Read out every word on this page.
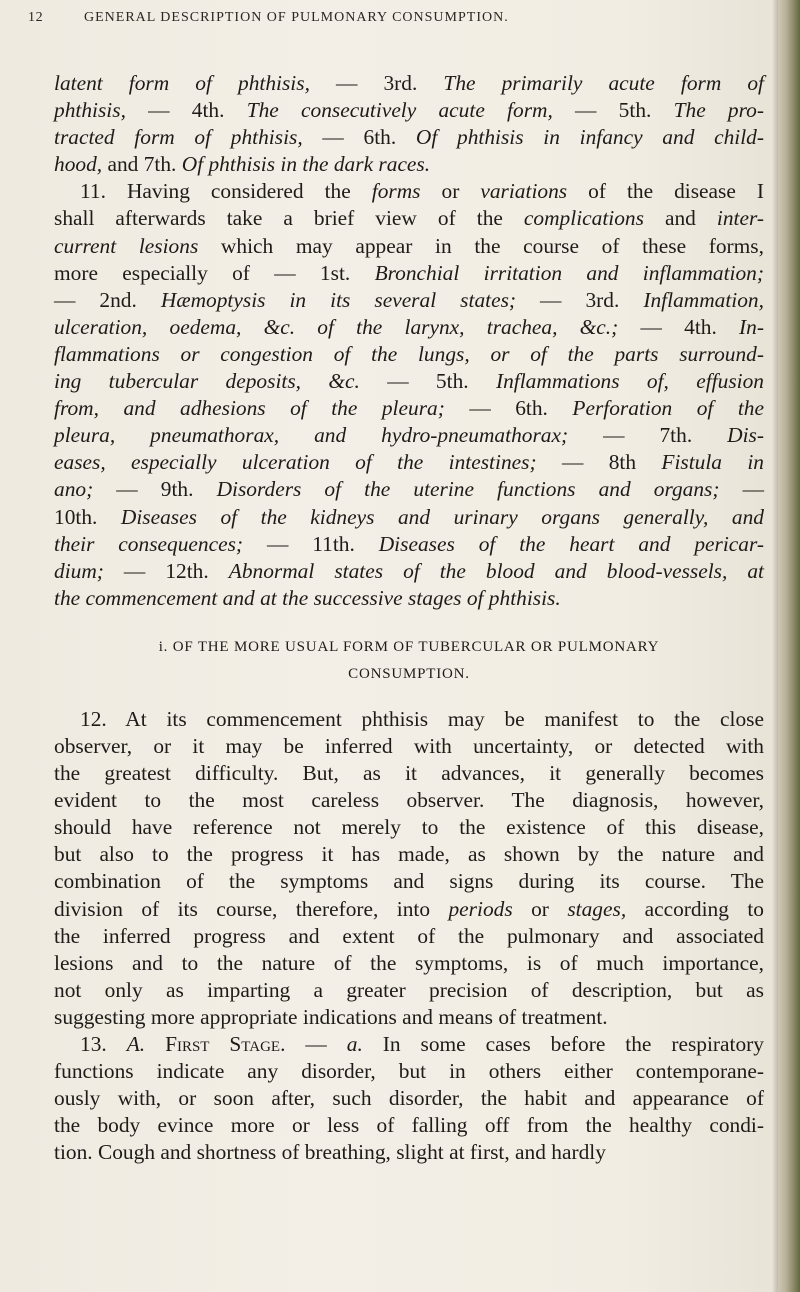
12	GENERAL DESCRIPTION OF PULMONARY CONSUMPTION.
latent form of phthisis, — 3rd. The primarily acute form of
phthisis, — 4th. The consecutively acute form, — 5th. The pro-
tracted form of phthisis, — 6th. Of phthisis in infancy and child-
hood, and 7th. Of phthisis in the dark races.
11. Having considered the forms or variations of the disease I
shall afterwards take a brief view of the complications and inter-
current lesions which may appear in the course of these forms,
more especially of — 1st. Bronchial irritation and inflammation;
— 2nd. Hæmoptysis in its several states; — 3rd. Inflammation,
ulceration, oedema, &c. of the larynx, trachea, &c.; — 4th. In-
flammations or congestion of the lungs, or of the parts surround-
ing tubercular deposits, &c. — 5th. Inflammations of, effusion
from, and adhesions of the pleura; — 6th. Perforation of the
pleura, pneumathorax, and hydro-pneumathorax; — 7th. Dis-
eases, especially ulceration of the intestines; — 8th Fistula in
ano; — 9th. Disorders of the uterine functions and organs; —
10th. Diseases of the kidneys and urinary organs generally, and
their consequences; — 11th. Diseases of the heart and pericar-
dium; — 12th. Abnormal states of the blood and blood-vessels, at
the commencement and at the successive stages of phthisis.
i. OF THE MORE USUAL FORM OF TUBERCULAR OR PULMONARY
CONSUMPTION.
12. At its commencement phthisis may be manifest to the close
observer, or it may be inferred with uncertainty, or detected with
the greatest difficulty. But, as it advances, it generally becomes
evident to the most careless observer. The diagnosis, however,
should have reference not merely to the existence of this disease,
but also to the progress it has made, as shown by the nature and
combination of the symptoms and signs during its course. The
division of its course, therefore, into periods or stages, according to
the inferred progress and extent of the pulmonary and associated
lesions and to the nature of the symptoms, is of much importance,
not only as imparting a greater precision of description, but as
suggesting more appropriate indications and means of treatment.
13. A. First Stage. — a. In some cases before the respiratory
functions indicate any disorder, but in others either contemporane-
ously with, or soon after, such disorder, the habit and appearance of
the body evince more or less of falling off from the healthy condi-
tion. Cough and shortness of breathing, slight at first, and hardly
